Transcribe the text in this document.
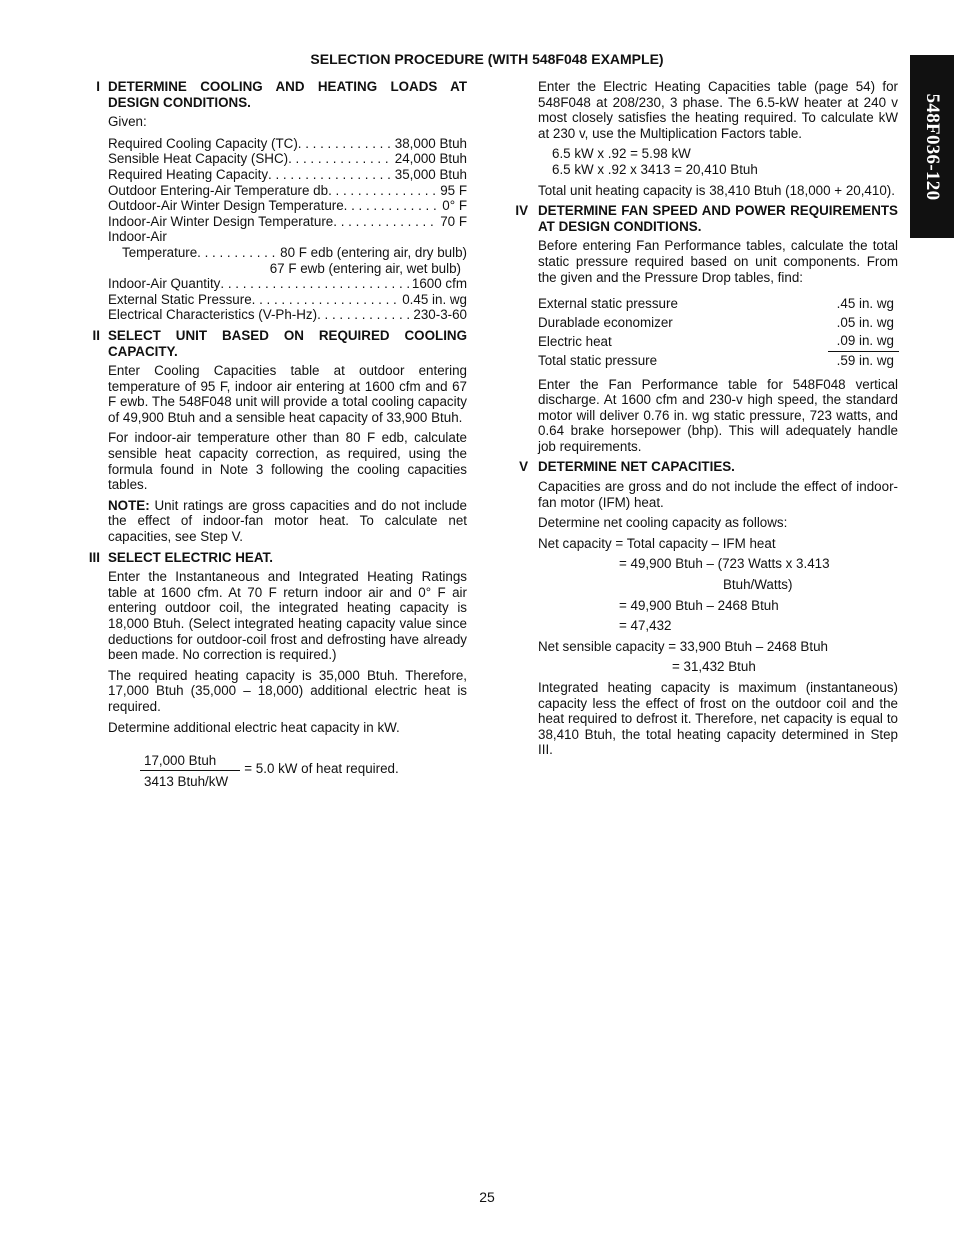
SELECTION PROCEDURE (WITH 548F048 EXAMPLE)
548F036-120
I DETERMINE COOLING AND HEATING LOADS AT DESIGN CONDITIONS.

Given:

Required Cooling Capacity (TC) . . .	38,000 Btuh
Sensible Heat Capacity (SHC) . . .	24,000 Btuh
Required Heating Capacity . . .	35,000 Btuh
Outdoor Entering-Air Temperature db . . .	95 F
Outdoor-Air Winter Design Temperature . . .	0° F
Indoor-Air Winter Design Temperature . . .	70 F
Indoor-Air
Temperature . . .	80 F edb (entering air, dry bulb)
67 F ewb (entering air, wet bulb)
Indoor-Air Quantity . . .	1600 cfm
External Static Pressure . . .	0.45 in. wg
Electrical Characteristics (V-Ph-Hz) . . .	230-3-60
II SELECT UNIT BASED ON REQUIRED COOLING CAPACITY.

Enter Cooling Capacities table at outdoor entering temperature of 95 F, indoor air entering at 1600 cfm and 67 F ewb. The 548F048 unit will provide a total cooling capacity of 49,900 Btuh and a sensible heat capacity of 33,900 Btuh.

For indoor-air temperature other than 80 F edb, calculate sensible heat capacity correction, as required, using the formula found in Note 3 following the cooling capacities tables.

NOTE: Unit ratings are gross capacities and do not include the effect of indoor-fan motor heat. To calculate net capacities, see Step V.

III SELECT ELECTRIC HEAT.

Enter the Instantaneous and Integrated Heating Ratings table at 1600 cfm. At 70 F return indoor air and 0° F air entering outdoor coil, the integrated heating capacity is 18,000 Btuh. (Select integrated heating capacity value since deductions for outdoor-coil frost and defrosting have already been made. No correction is required.)

The required heating capacity is 35,000 Btuh. Therefore, 17,000 Btuh (35,000 – 18,000) additional electric heat is required.

Determine additional electric heat capacity in kW.

$\frac{\text{17,000 Btuh}}{\text{3413 Btuh/kW}} = 5.0$ kW of heat required.

Enter the Electric Heating Capacities table (page 54) for 548F048 at 208/230, 3 phase. The 6.5-kW heater at 240 v most closely satisfies the heating required. To calculate kW at 230 v, use the Multiplication Factors table.

6.5 kW x .92 = 5.98 kW
6.5 kW x .92 x 3413 = 20,410 Btuh

Total unit heating capacity is 38,410 Btuh (18,000 + 20,410).

IV DETERMINE FAN SPEED AND POWER REQUIREMENTS AT DESIGN CONDITIONS.

Before entering Fan Performance tables, calculate the total static pressure required based on unit components. From the given and the Pressure Drop tables, find:

External static pressure	.45 in. wg
Durablade economizer	.05 in. wg
Electric heat	.09 in. wg
Total static pressure	.59 in. wg

Enter the Fan Performance table for 548F048 vertical discharge. At 1600 cfm and 230-v high speed, the standard motor will deliver 0.76 in. wg static pressure, 723 watts, and 0.64 brake horsepower (bhp). This will adequately handle job requirements.

V DETERMINE NET CAPACITIES.

Capacities are gross and do not include the effect of indoor-fan motor (IFM) heat.

Determine net cooling capacity as follows:

Net capacity = Total capacity – IFM heat
= 49,900 Btuh – (723 Watts x 3.413
Btuh/Watts)
= 49,900 Btuh – 2468 Btuh
= 47,432
Net sensible capacity = 33,900 Btuh – 2468 Btuh
= 31,432 Btuh

Integrated heating capacity is maximum (instantaneous) capacity less the effect of frost on the outdoor coil and the heat required to defrost it. Therefore, net capacity is equal to 38,410 Btuh, the total heating capacity determined in Step III.

25
